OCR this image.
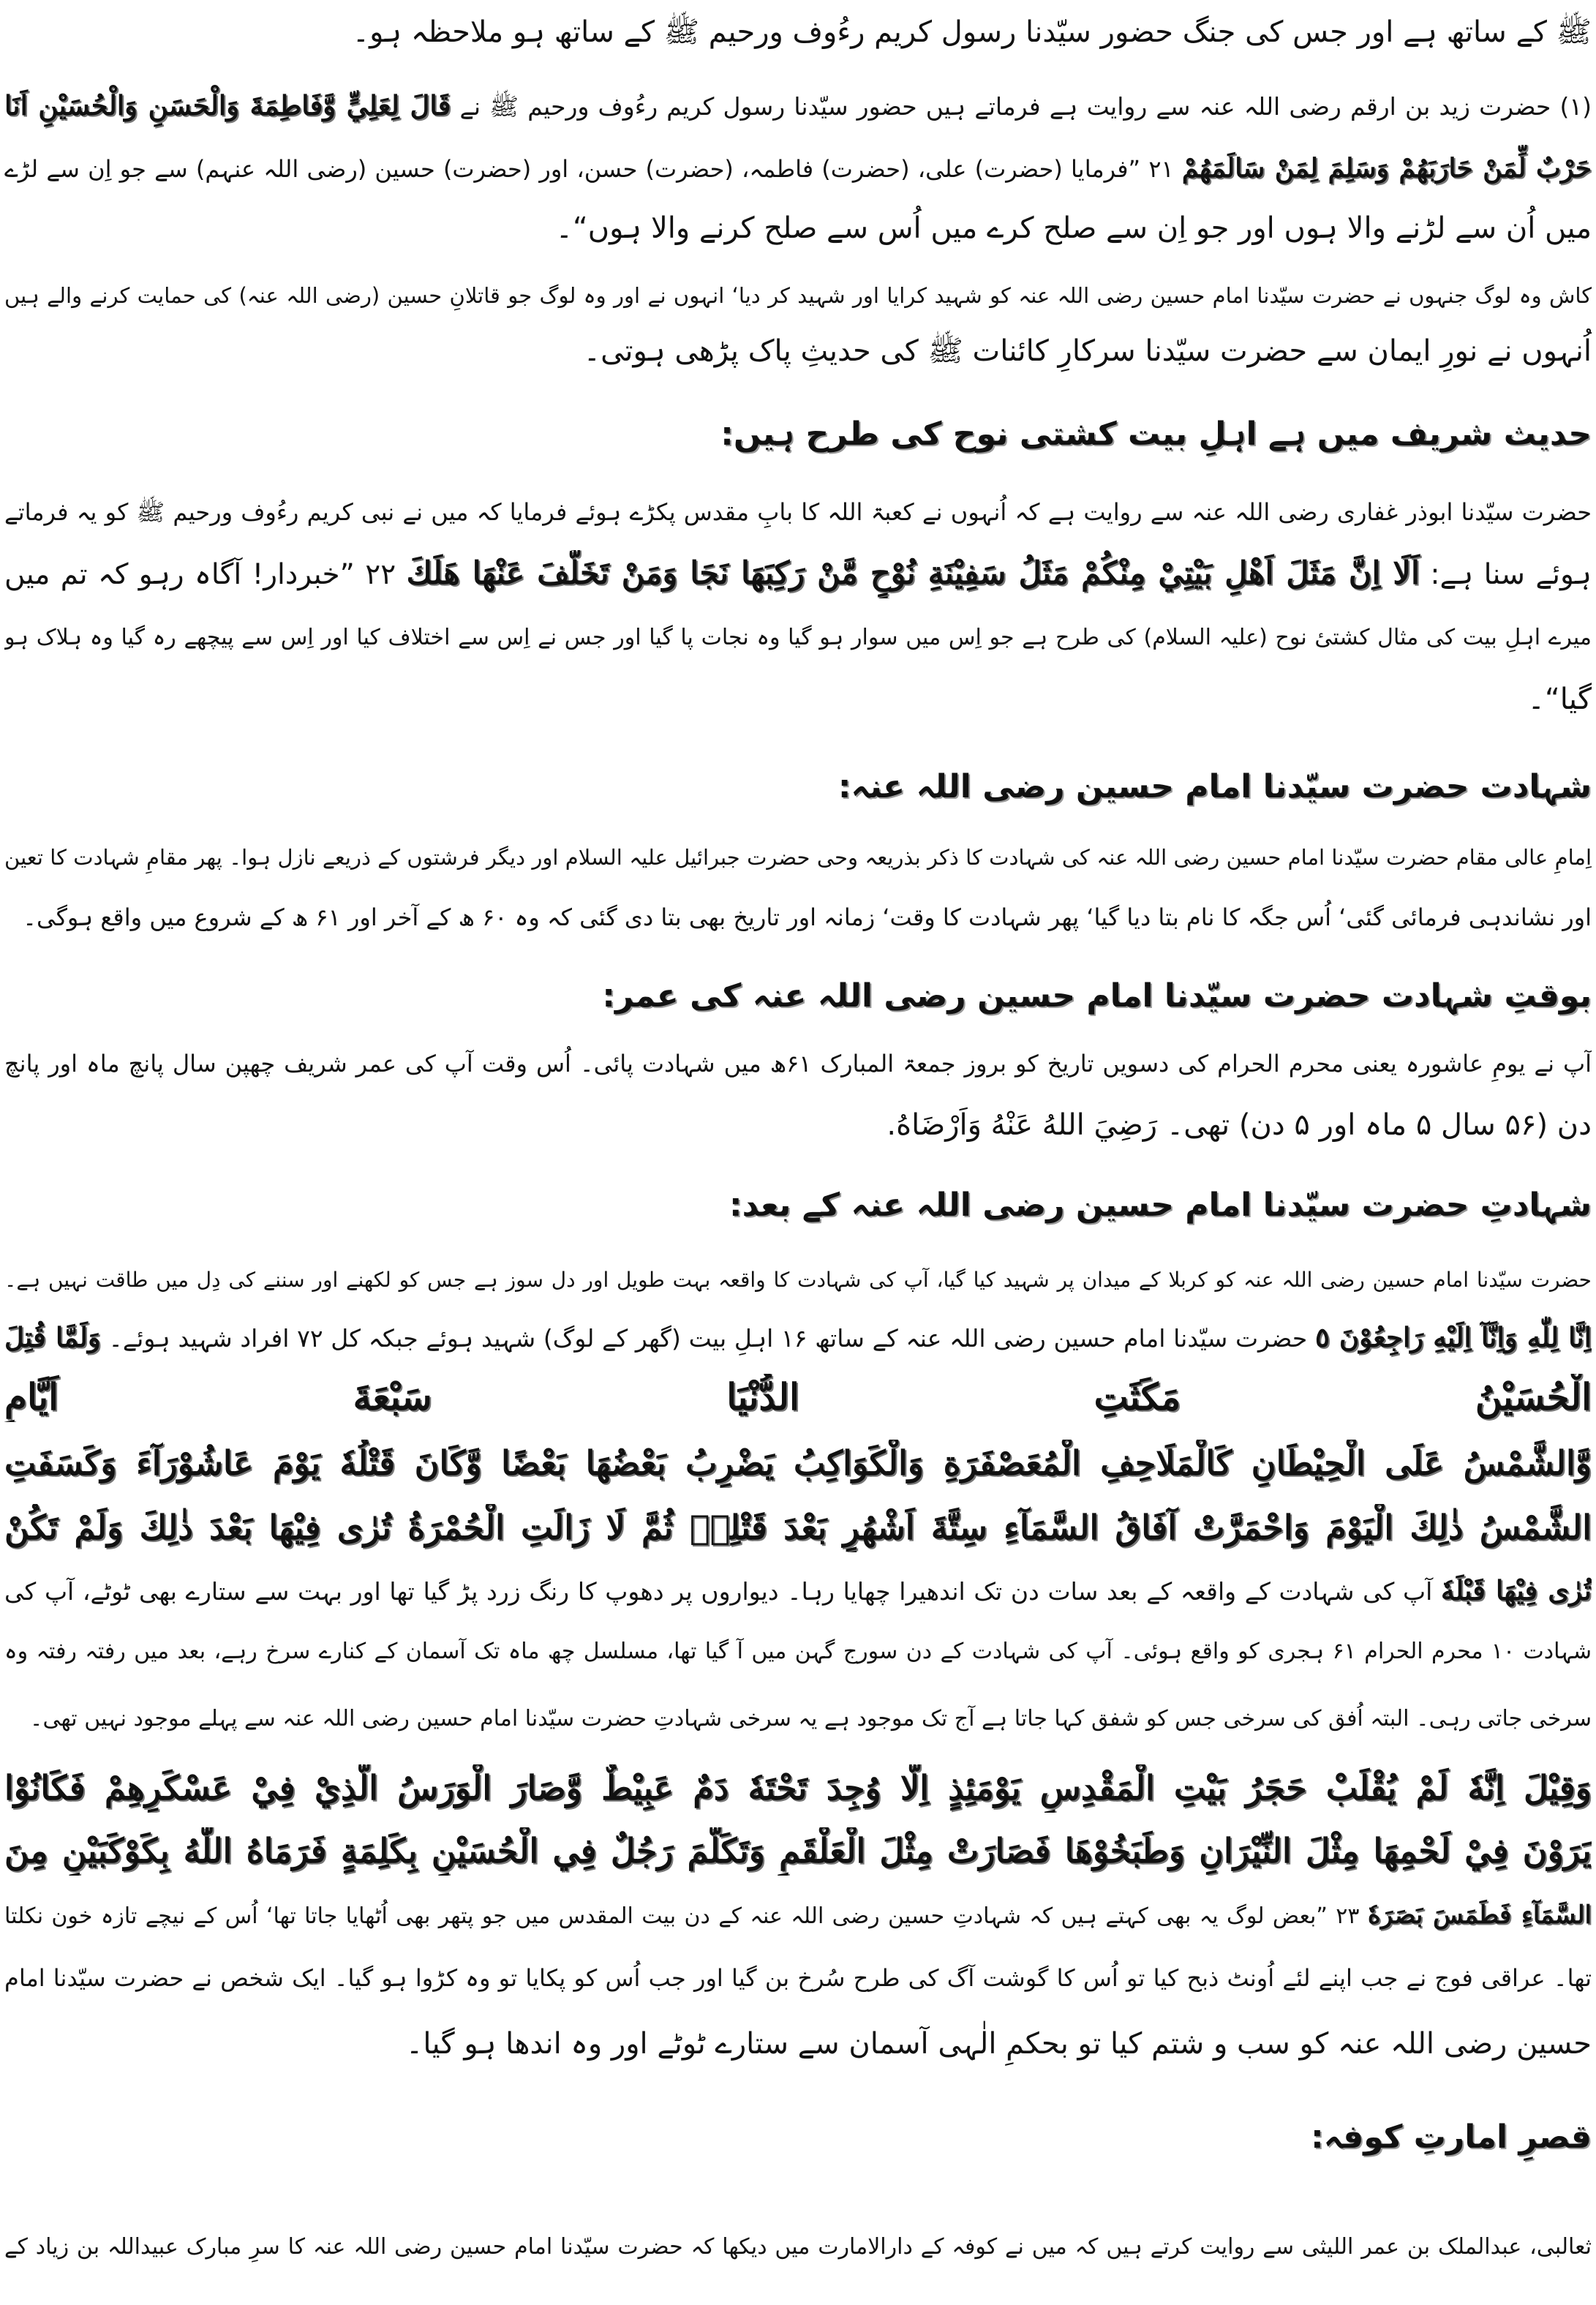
ﷺ کے ساتھ ہے اور جس کی جنگ حضور سیّدنا رسول کریم رءُوف ورحیم ﷺ کے ساتھ ہو ملاحظہ ہو۔
(۱) حضرت زید بن ارقم رضی اللہ عنہ سے روایت ہے فرماتے ہیں حضور سیّدنا رسول کریم رءُوف ورحیم ﷺ نے قَالَ لِعَلِيٍّ وَّفَاطِمَةَ وَالْحَسَنِ وَالْحُسَيْنِ اَنَا
حَرْبٌ لِّمَنْ حَارَبَهُمْ وَسَلِمَ لِمَنْ سَالَمَهُمْ ۲۱ ”فرمایا (حضرت) علی، (حضرت) فاطمہ، (حضرت) حسن، اور (حضرت) حسین (رضی اللہ عنہم) سے جو اِن سے لڑے
میں اُن سے لڑنے والا ہوں اور جو اِن سے صلح کرے میں اُس سے صلح کرنے والا ہوں“۔
کاش وہ لوگ جنہوں نے حضرت سیّدنا امام حسین رضی اللہ عنہ کو شہید کرایا اور شہید کر دیا‘ انہوں نے اور وہ لوگ جو قاتلانِ حسین (رضی اللہ عنہ) کی حمایت کرنے والے ہیں
اُنہوں نے نورِ ایمان سے حضرت سیّدنا سرکارِ کائنات ﷺ کی حدیثِ پاک پڑھی ہوتی۔
حدیث شریف میں ہے اہلِ بیت کشتی نوح کی طرح ہیں:
حضرت سیّدنا ابوذر غفاری رضی اللہ عنہ سے روایت ہے کہ اُنہوں نے کعبۃ اللہ کا بابِ مقدس پکڑے ہوئے فرمایا کہ میں نے نبی کریم رءُوف ورحیم ﷺ کو یہ فرماتے
ہوئے سنا ہے: اَلَا اِنَّ مَثَلَ اَهْلِ بَيْتِيْ مِنْكُمْ مَثَلُ سَفِيْنَةِ نُوْحٍ مَّنْ رَكِبَهَا نَجَا وَمَنْ تَخَلَّفَ عَنْهَا هَلَكَ ۲۲ ”خبردار! آگاہ رہو کہ تم میں
میرے اہلِ بیت کی مثال کشتیٔ نوح (علیہ السلام) کی طرح ہے جو اِس میں سوار ہو گیا وہ نجات پا گیا اور جس نے اِس سے اختلاف کیا اور اِس سے پیچھے رہ گیا وہ ہلاک ہو
گیا“۔
شہادت حضرت سیّدنا امام حسین رضی اللہ عنہ:
اِمامِ عالی مقام حضرت سیّدنا امام حسین رضی اللہ عنہ کی شہادت کا ذکر بذریعہ وحی حضرت جبرائیل علیہ السلام اور دیگر فرشتوں کے ذریعے نازل ہوا۔ پھر مقامِ شہادت کا تعین
اور نشاندہی فرمائی گئی‘ اُس جگہ کا نام بتا دیا گیا‘ پھر شہادت کا وقت‘ زمانہ اور تاریخ بھی بتا دی گئی کہ وہ ۶۰ ھ کے آخر اور ۶۱ ھ کے شروع میں واقع ہوگی۔
بوقتِ شہادت حضرت سیّدنا امام حسین رضی اللہ عنہ کی عمر:
آپ نے یومِ عاشورہ یعنی محرم الحرام کی دسویں تاریخ کو بروز جمعۃ المبارک ۶۱ھ میں شہادت پائی۔ اُس وقت آپ کی عمر شریف چھپن سال پانچ ماہ اور پانچ
دن (۵۶ سال ۵ ماہ اور ۵ دن) تھی۔ رَضِيَ اللهُ عَنْهُ وَاَرْضَاهُ.
شہادتِ حضرت سیّدنا امام حسین رضی اللہ عنہ کے بعد:
حضرت سیّدنا امام حسین رضی اللہ عنہ کو کربلا کے میدان پر شہید کیا گیا، آپ کی شہادت کا واقعہ بہت طویل اور دل سوز ہے جس کو لکھنے اور سننے کی دِل میں طاقت نہیں ہے۔
اِنَّا لِلّٰهِ وَاِنَّآ اِلَيْهِ رَاجِعُوْنَ ٥ حضرت سیّدنا امام حسین رضی اللہ عنہ کے ساتھ ۱۶ اہلِ بیت (گھر کے لوگ) شہید ہوئے جبکہ کل ۷۲ افراد شہید ہوئے۔ وَلَمَّا قُتِلَ
الْحُسَيْنُ مَكَثَتِ الدُّنْيَا سَبْعَةَ اَيَّامٍ
وَّالشَّمْسُ عَلَى الْحِيْطَانِ كَالْمَلَاحِفِ الْمُعَصْفَرَةِ وَالْكَوَاكِبُ يَضْرِبُ بَعْضُهَا بَعْضًا وَّكَانَ قَتْلُهٗ يَوْمَ عَاشُوْرَآءَ وَكَسَفَتِ
الشَّمْسُ ذٰلِكَ الْيَوْمَ وَاحْمَرَّتْ آفَاقُ السَّمَآءِ سِتَّةَ اَشْهُرٍ بَعْدَ قَتْلِهٖ ثُمَّ لَا زَالَتِ الْحُمْرَةُ تُرٰى فِيْهَا بَعْدَ ذٰلِكَ وَلَمْ تَكُنْ
تُرٰى فِيْهَا قَبْلَهٗ آپ کی شہادت کے واقعہ کے بعد سات دن تک اندھیرا چھایا رہا۔ دیواروں پر دھوپ کا رنگ زرد پڑ گیا تھا اور بہت سے ستارے بھی ٹوٹے، آپ کی
شہادت ۱۰ محرم الحرام ۶۱ ہجری کو واقع ہوئی۔ آپ کی شہادت کے دن سورج گہن میں آ گیا تھا، مسلسل چھ ماہ تک آسمان کے کنارے سرخ رہے، بعد میں رفتہ رفتہ وہ
سرخی جاتی رہی۔ البتہ اُفق کی سرخی جس کو شفق کہا جاتا ہے آج تک موجود ہے یہ سرخی شہادتِ حضرت سیّدنا امام حسین رضی اللہ عنہ سے پہلے موجود نہیں تھی۔
وَقِيْلَ اِنَّهٗ لَمْ يُقْلَبْ حَجَرُ بَيْتِ الْمَقْدِسِ يَوْمَئِذٍ اِلَّا وُجِدَ تَحْتَهٗ دَمٌ عَبِيْطٌ وَّصَارَ الْوَرَسُ الَّذِيْ فِيْ عَسْكَرِهِمْ فَكَانُوْا
يَرَوْنَ فِيْ لَحْمِهَا مِثْلَ النِّيْرَانِ وَطَبَخُوْهَا فَصَارَتْ مِثْلَ الْعَلْقَمِ وَتَكَلَّمَ رَجُلٌ فِي الْحُسَيْنِ بِكَلِمَةٍ فَرَمَاهُ اللّٰهُ بِكَوْكَبَيْنِ مِنَ
السَّمَآءِ فَطَمَسَ بَصَرَهٗ ۲۳ ”بعض لوگ یہ بھی کہتے ہیں کہ شہادتِ حسین رضی اللہ عنہ کے دن بیت المقدس میں جو پتھر بھی اُٹھایا جاتا تھا‘ اُس کے نیچے تازہ خون نکلتا
تھا۔ عراقی فوج نے جب اپنے لئے اُونٹ ذبح کیا تو اُس کا گوشت آگ کی طرح سُرخ بن گیا اور جب اُس کو پکایا تو وہ کڑوا ہو گیا۔ ایک شخص نے حضرت سیّدنا امام
حسین رضی اللہ عنہ کو سب و شتم کیا تو بحکمِ الٰہی آسمان سے ستارے ٹوٹے اور وہ اندھا ہو گیا۔
قصرِ امارتِ کوفہ:
ثعالبی، عبدالملک بن عمر اللیثی سے روایت کرتے ہیں کہ میں نے کوفہ کے دارالامارت میں دیکھا کہ حضرت سیّدنا امام حسین رضی اللہ عنہ کا سرِ مبارک عبیداللہ بن زیاد کے
